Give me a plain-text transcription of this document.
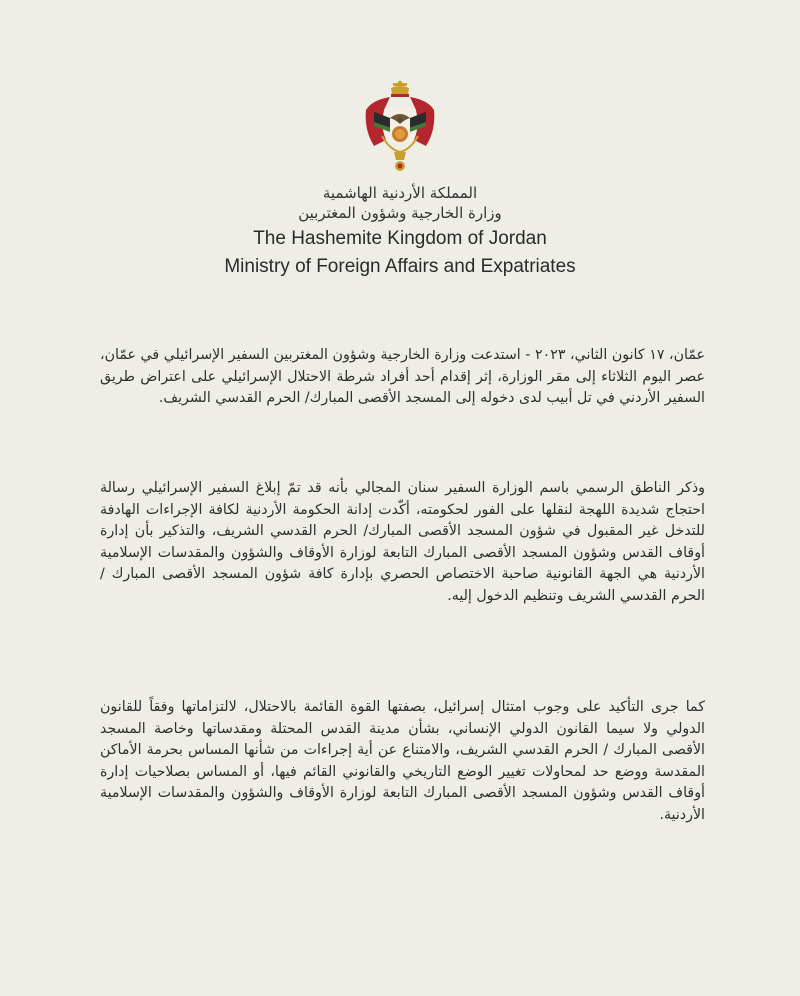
المملكة الأردنية الهاشمية
وزارة الخارجية وشؤون المغتربين
The Hashemite Kingdom of Jordan
Ministry of Foreign Affairs and Expatriates

عمّان، ١٧ كانون الثاني، ٢٠٢٣ - استدعت وزارة الخارجية وشؤون المغتربين السفير الإسرائيلي في عمّان، عصر اليوم الثلاثاء إلى مقر الوزارة، إثر إقدام أحد أفراد شرطة الاحتلال الإسرائيلي على اعتراض طريق السفير الأردني في تل أبيب لدى دخوله إلى المسجد الأقصى المبارك/ الحرم القدسي الشريف.

وذكر الناطق الرسمي باسم الوزارة السفير سنان المجالي بأنه قد تمّ إبلاغ السفير الإسرائيلي رسالة احتجاج شديدة اللهجة لنقلها على الفور لحكومته، أكّدت إدانة الحكومة الأردنية لكافة الإجراءات الهادفة للتدخل غير المقبول في شؤون المسجد الأقصى المبارك/ الحرم القدسي الشريف، والتذكير بأن إدارة أوقاف القدس وشؤون المسجد الأقصى المبارك التابعة لوزارة الأوقاف والشؤون والمقدسات الإسلامية الأردنية هي الجهة القانونية صاحبة الاختصاص الحصري بإدارة كافة شؤون المسجد الأقصى المبارك / الحرم القدسي الشريف وتنظيم الدخول إليه.

كما جرى التأكيد على وجوب امتثال إسرائيل، بصفتها القوة القائمة بالاحتلال، لالتزاماتها وفقاً للقانون الدولي ولا سيما القانون الدولي الإنساني، بشأن مدينة القدس المحتلة ومقدساتها وخاصة المسجد الأقصى المبارك / الحرم القدسي الشريف، والامتناع عن أية إجراءات من شأنها المساس بحرمة الأماكن المقدسة ووضع حد لمحاولات تغيير الوضع التاريخي والقانوني القائم فيها، أو المساس بصلاحيات إدارة أوقاف القدس وشؤون المسجد الأقصى المبارك التابعة لوزارة الأوقاف والشؤون والمقدسات الإسلامية الأردنية.
